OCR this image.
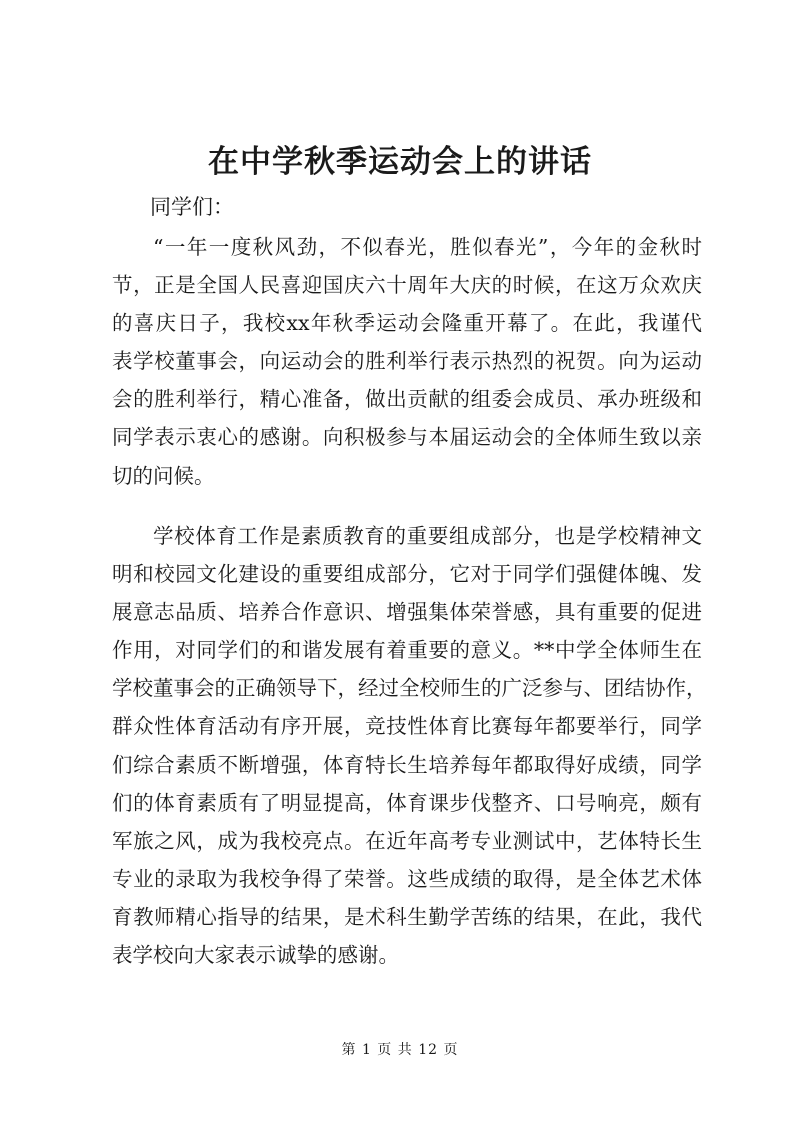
在中学秋季运动会上的讲话

同学们：

“一年一度秋风劲，不似春光，胜似春光”，今年的金秋时
节，正是全国人民喜迎国庆六十周年大庆的时候，在这万众欢庆
的喜庆日子，我校xx年秋季运动会隆重开幕了。在此，我谨代
表学校董事会，向运动会的胜利举行表示热烈的祝贺。向为运动
会的胜利举行，精心准备，做出贡献的组委会成员、承办班级和
同学表示衷心的感谢。向积极参与本届运动会的全体师生致以亲
切的问候。
学校体育工作是素质教育的重要组成部分，也是学校精神文
明和校园文化建设的重要组成部分，它对于同学们强健体魄、发
展意志品质、培养合作意识、增强集体荣誉感，具有重要的促进
作用，对同学们的和谐发展有着重要的意义。**中学全体师生在
学校董事会的正确领导下，经过全校师生的广泛参与、团结协作，
群众性体育活动有序开展，竞技性体育比赛每年都要举行，同学
们综合素质不断增强，体育特长生培养每年都取得好成绩，同学
们的体育素质有了明显提高，体育课步伐整齐、口号响亮，颇有
军旅之风，成为我校亮点。在近年高考专业测试中，艺体特长生
专业的录取为我校争得了荣誉。这些成绩的取得，是全体艺术体
育教师精心指导的结果，是术科生勤学苦练的结果，在此，我代
表学校向大家表示诚挚的感谢。
第 1 页 共 12 页
